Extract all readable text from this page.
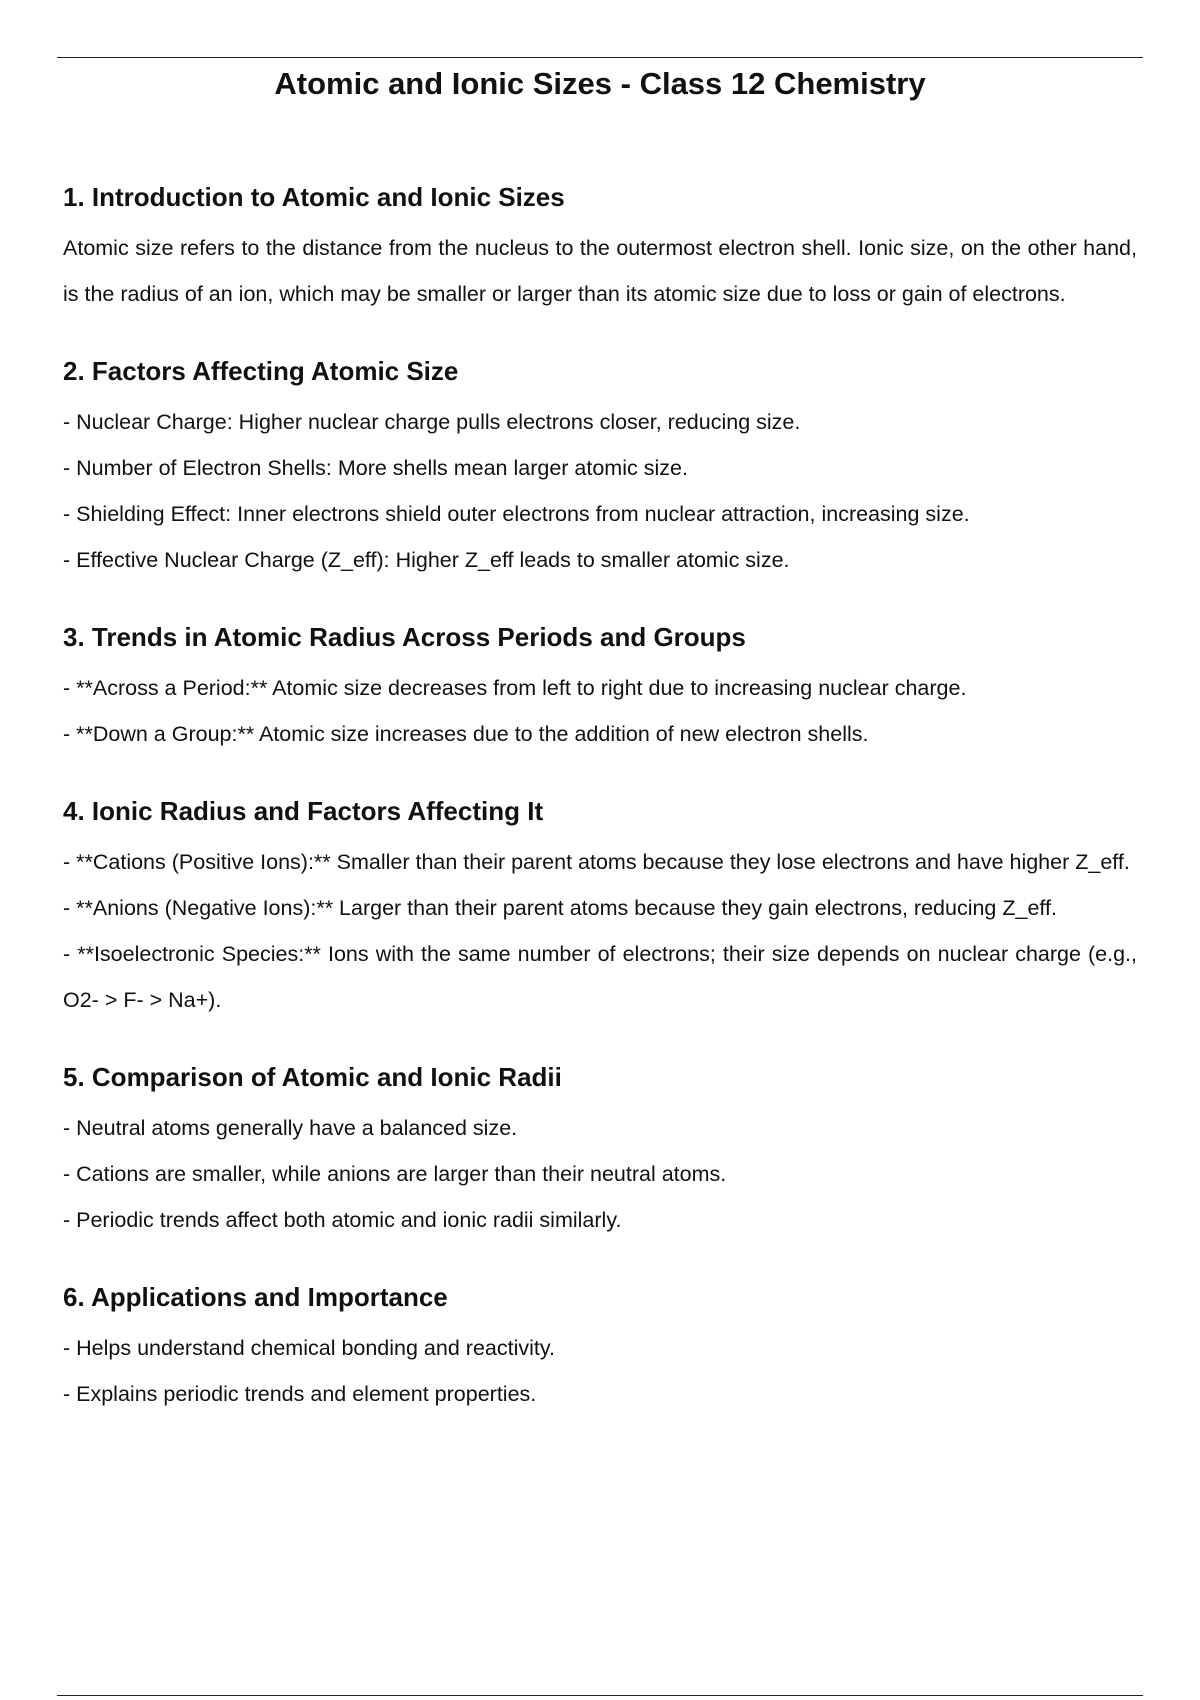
Atomic and Ionic Sizes - Class 12 Chemistry
1. Introduction to Atomic and Ionic Sizes

Atomic size refers to the distance from the nucleus to the outermost electron shell. Ionic size, on the other hand, is the radius of an ion, which may be smaller or larger than its atomic size due to loss or gain of electrons.

2. Factors Affecting Atomic Size

- Nuclear Charge: Higher nuclear charge pulls electrons closer, reducing size.

- Number of Electron Shells: More shells mean larger atomic size.

- Shielding Effect: Inner electrons shield outer electrons from nuclear attraction, increasing size.

- Effective Nuclear Charge (Z_eff): Higher Z_eff leads to smaller atomic size.

3. Trends in Atomic Radius Across Periods and Groups

- **Across a Period:** Atomic size decreases from left to right due to increasing nuclear charge.

- **Down a Group:** Atomic size increases due to the addition of new electron shells.

4. Ionic Radius and Factors Affecting It

- **Cations (Positive Ions):** Smaller than their parent atoms because they lose electrons and have higher Z_eff.

- **Anions (Negative Ions):** Larger than their parent atoms because they gain electrons, reducing Z_eff.

- **Isoelectronic Species:** Ions with the same number of electrons; their size depends on nuclear charge (e.g., O2- > F- > Na+).

5. Comparison of Atomic and Ionic Radii

- Neutral atoms generally have a balanced size.

- Cations are smaller, while anions are larger than their neutral atoms.

- Periodic trends affect both atomic and ionic radii similarly.

6. Applications and Importance

- Helps understand chemical bonding and reactivity.

- Explains periodic trends and element properties.
